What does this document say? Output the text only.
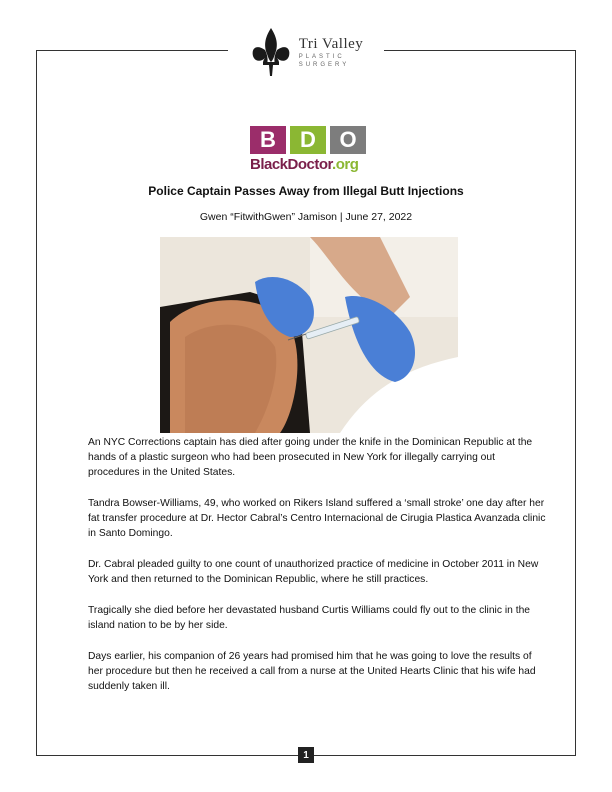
Tri Valley
PLASTIC
SURGERY
B	D	O
BlackDoctor.org
Police Captain Passes Away from Illegal Butt Injections
Gwen “FitwithGwen” Jamison | June 27, 2022

An NYC Corrections captain has died after going under the knife in the Dominican Republic at the hands of a plastic surgeon who had been prosecuted in New York for illegally carrying out procedures in the United States.

Tandra Bowser-Williams, 49, who worked on Rikers Island suffered a ‘small stroke’ one day after her fat transfer procedure at Dr. Hector Cabral’s Centro Internacional de Cirugia Plastica Avanzada clinic in Santo Domingo.

Dr. Cabral pleaded guilty to one count of unauthorized practice of medicine in October 2011 in New York and then returned to the Dominican Republic, where he still practices.

Tragically she died before her devastated husband Curtis Williams could fly out to the clinic in the island nation to be by her side.

Days earlier, his companion of 26 years had promised him that he was going to love the results of her procedure but then he received a call from a nurse at the United Hearts Clinic that his wife had suddenly taken ill.

1
